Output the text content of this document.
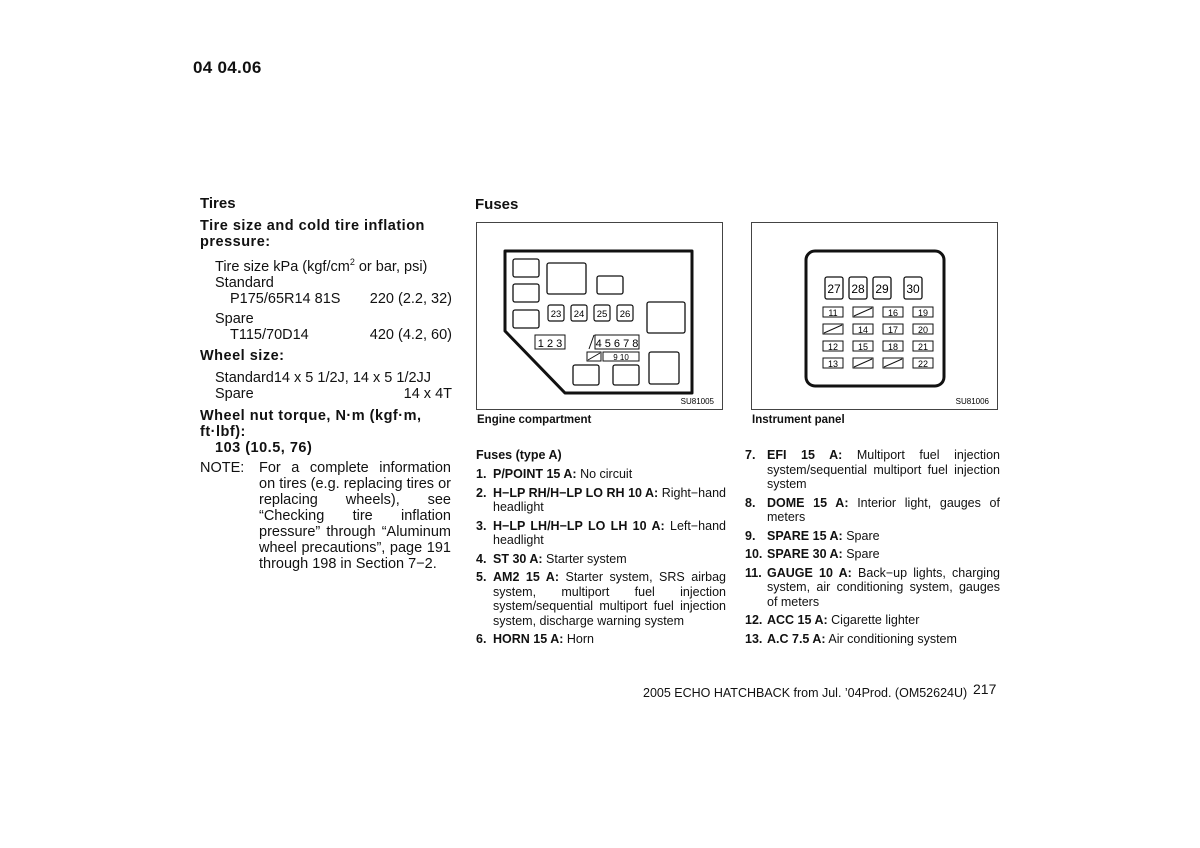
04 04.06
Tires
Tire size and cold tire inflation pressure:
Tire size kPa ($kgf/cm^2$ or bar, psi)
Standard
P175/65R14 81S 220 (2.2, 32)
Spare
T115/70D14	420 (4.2, 60)
Wheel size:
Standard14 x 5 1/2J, 14 x 5 1/2JJ
Spare	14 x 4T
Wheel nut torque, N·m (kgf·m, ft·lbf):
103 (10.5, 76)
NOTE:	For a complete information on tires (e.g. replacing tires or replacing wheels), see “Checking tire inflation pressure” through “Aluminum wheel precautions”, page 191 through 198 in Section 7−2.
Fuses
23 24 25 26
1 2 3	4 5 6 7 8
9 10
SU81005
Engine compartment
27 28 29 30
11	16 19
14 17 20
12 15 18 21
13	22
SU81006
Instrument panel
Fuses (type A)
1. P/POINT 15 A: No circuit
2. H−LP RH/H−LP LO RH 10 A: Right−hand headlight
3. H−LP LH/H−LP LO LH 10 A: Left−hand headlight
4. ST 30 A: Starter system
5. AM2 15 A: Starter system, SRS airbag system, multiport fuel injection system/sequential multiport fuel injection system, discharge warning system
6. HORN 15 A: Horn
7. EFI 15 A: Multiport fuel injection system/sequential multiport fuel injection system
8. DOME 15 A: Interior light, gauges of meters
9. SPARE 15 A: Spare
10. SPARE 30 A: Spare
11. GAUGE 10 A: Back−up lights, charging system, air conditioning system, gauges of meters
12. ACC 15 A: Cigarette lighter
13. A.C 7.5 A: Air conditioning system
2005 ECHO HATCHBACK from Jul. ’04Prod. (OM52624U) 217
